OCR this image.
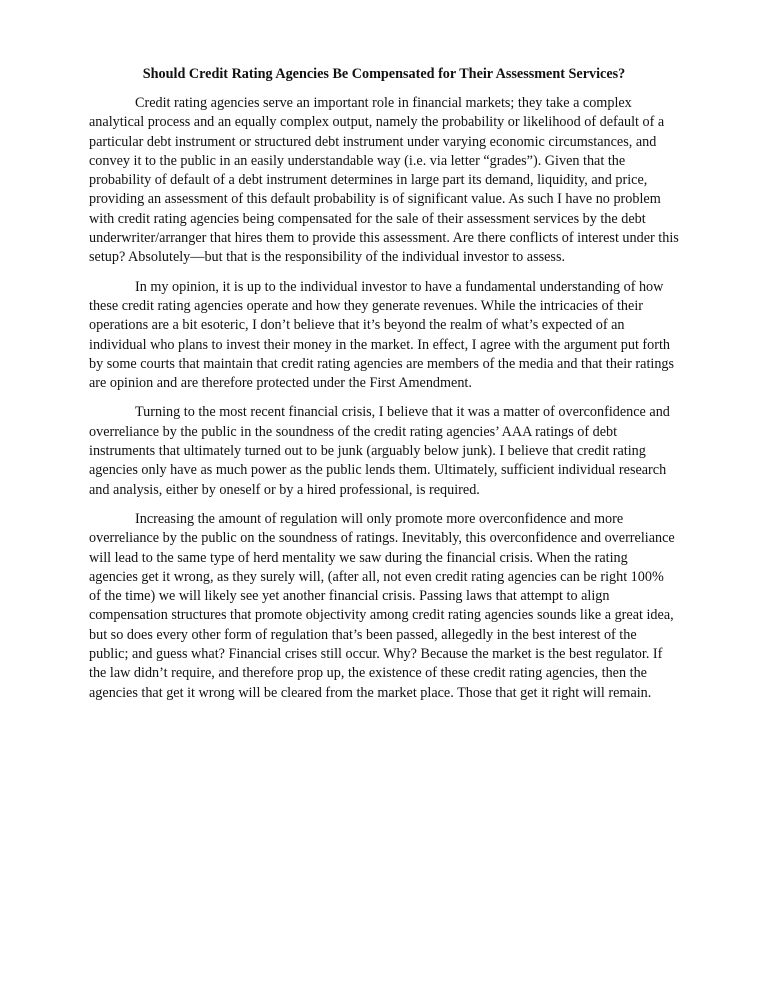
Should Credit Rating Agencies Be Compensated for Their Assessment Services?

Credit rating agencies serve an important role in financial markets; they take a complex analytical process and an equally complex output, namely the probability or likelihood of default of a particular debt instrument or structured debt instrument under varying economic circumstances, and convey it to the public in an easily understandable way (i.e. via letter “grades”). Given that the probability of default of a debt instrument determines in large part its demand, liquidity, and price, providing an assessment of this default probability is of significant value. As such I have no problem with credit rating agencies being compensated for the sale of their assessment services by the debt underwriter/arranger that hires them to provide this assessment. Are there conflicts of interest under this setup? Absolutely—but that is the responsibility of the individual investor to assess.

In my opinion, it is up to the individual investor to have a fundamental understanding of how these credit rating agencies operate and how they generate revenues. While the intricacies of their operations are a bit esoteric, I don’t believe that it’s beyond the realm of what’s expected of an individual who plans to invest their money in the market. In effect, I agree with the argument put forth by some courts that maintain that credit rating agencies are members of the media and that their ratings are opinion and are therefore protected under the First Amendment.

Turning to the most recent financial crisis, I believe that it was a matter of overconfidence and overreliance by the public in the soundness of the credit rating agencies’ AAA ratings of debt instruments that ultimately turned out to be junk (arguably below junk). I believe that credit rating agencies only have as much power as the public lends them. Ultimately, sufficient individual research and analysis, either by oneself or by a hired professional, is required.

Increasing the amount of regulation will only promote more overconfidence and more overreliance by the public on the soundness of ratings. Inevitably, this overconfidence and overreliance will lead to the same type of herd mentality we saw during the financial crisis. When the rating agencies get it wrong, as they surely will, (after all, not even credit rating agencies can be right 100% of the time) we will likely see yet another financial crisis. Passing laws that attempt to align compensation structures that promote objectivity among credit rating agencies sounds like a great idea, but so does every other form of regulation that’s been passed, allegedly in the best interest of the public; and guess what? Financial crises still occur. Why? Because the market is the best regulator. If the law didn’t require, and therefore prop up, the existence of these credit rating agencies, then the agencies that get it wrong will be cleared from the market place. Those that get it right will remain.
